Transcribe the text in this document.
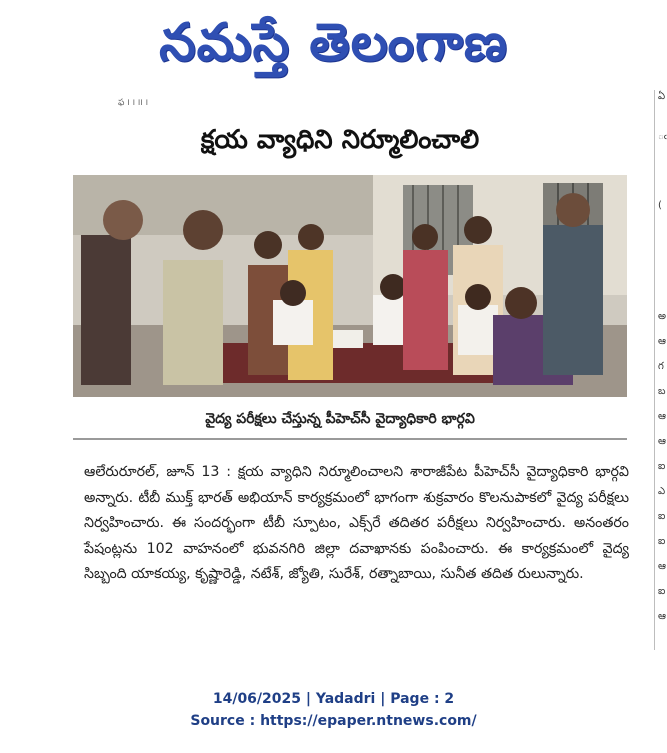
నమస్తే తెలంగాణ
ఫ ౹ ౹ ౹౹ ౹
ఏ
ఁ
(
అ
ఆ
గ
బ
ఆ
ఆ
ఐ
ఎ
ఐ
ఐ
ఆ
ఐ
ఆ
క్షయ వ్యాధిని నిర్మూలించాలి
వైద్య పరీక్షలు చేస్తున్న పీహెచ్‌సీ వైద్యాధికారి భార్గవి
ఆలేరురూరల్, జూన్ 13 : క్షయ వ్యాధిని నిర్మూలించాలని శారాజీపేట పీహెచ్‌సీ వైద్యాధికారి భార్గవి అన్నారు. టీబీ ముక్త్ భారత్ అభియాన్ కార్యక్రమంలో భాగంగా శుక్రవారం కొలనుపాకలో వైద్య పరీక్షలు నిర్వహించారు. ఈ సందర్భంగా టీబీ స్పూటం, ఎక్స్‌రే తదితర పరీక్షలు నిర్వహించారు. అనంతరం పేషంట్లను 102 వాహనంలో భువనగిరి జిల్లా దవాఖానకు పంపించారు. ఈ కార్యక్రమంలో వైద్య సిబ్బంది యాకయ్య, కృష్ణారెడ్డి, నటేశ్, జ్యోతి, సురేశ్, రత్నాబాయి, సునీత తదిత రులున్నారు.
14/06/2025 | Yadadri | Page : 2
Source : https://epaper.ntnews.com/
